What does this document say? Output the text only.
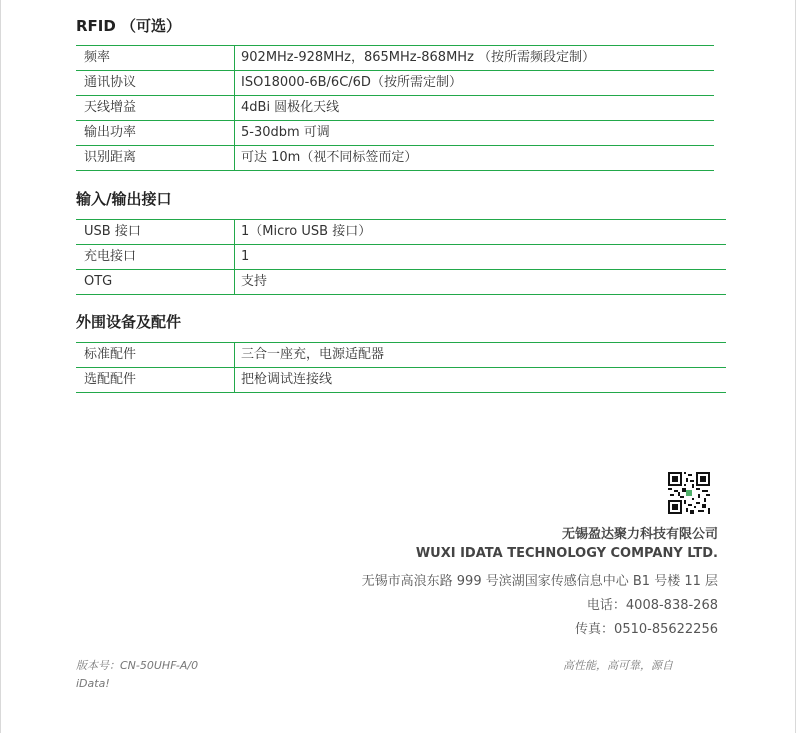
RFID （可选）
频率	902MHz-928MHz，865MHz-868MHz （按所需频段定制）
通讯协议	ISO18000-6B/6C/6D（按所需定制）
天线增益	4dBi 圆极化天线
输出功率	5-30dbm 可调
识别距离	可达 10m（视不同标签而定）
输入/输出接口
USB 接口	1（Micro USB 接口）
充电接口	1
OTG	支持
外围设备及配件
标准配件	三合一座充，电源适配器
选配配件	把枪调试连接线

无锡盈达聚力科技有限公司

WUXI IDATA TECHNOLOGY COMPANY LTD.

无锡市高浪东路 999 号滨湖国家传感信息中心 B1 号楼 11 层

电话：4008-838-268

传真：0510-85622256

版本号：CN-50UHF-A/0

iData!

高性能，高可靠，源自
